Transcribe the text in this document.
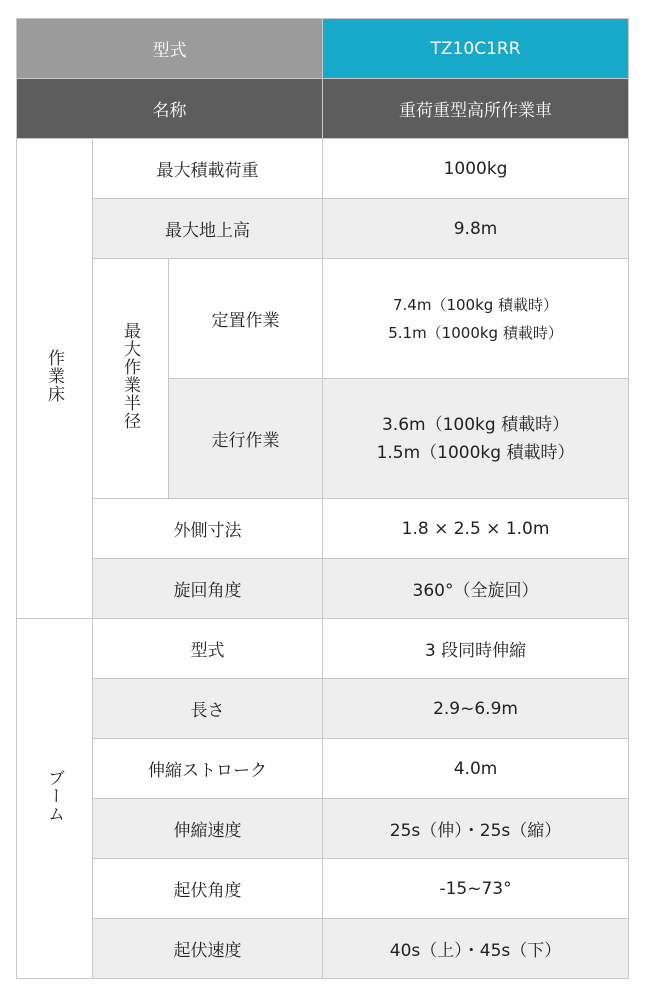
型式			TZ10C1RR
名称			重荷重型高所作業車
作業床	最大積載荷重		1000kg
	最大地上高		9.8m
	最大作業半径	定置作業	7.4m（100kg 積載時）
5.1m（1000kg 積載時）

		走行作業	3.6m（100kg 積載時）
1.5m（1000kg 積載時）

	外側寸法		1.8 × 2.5 × 1.0m
	旋回角度		360°（全旋回）
ブーム	型式		3 段同時伸縮
	長さ		2.9~6.9m
	伸縮ストローク		4.0m
	伸縮速度		25s（伸）・25s（縮）
	起伏角度		-15~73°
	起伏速度		40s（上）・45s（下）
